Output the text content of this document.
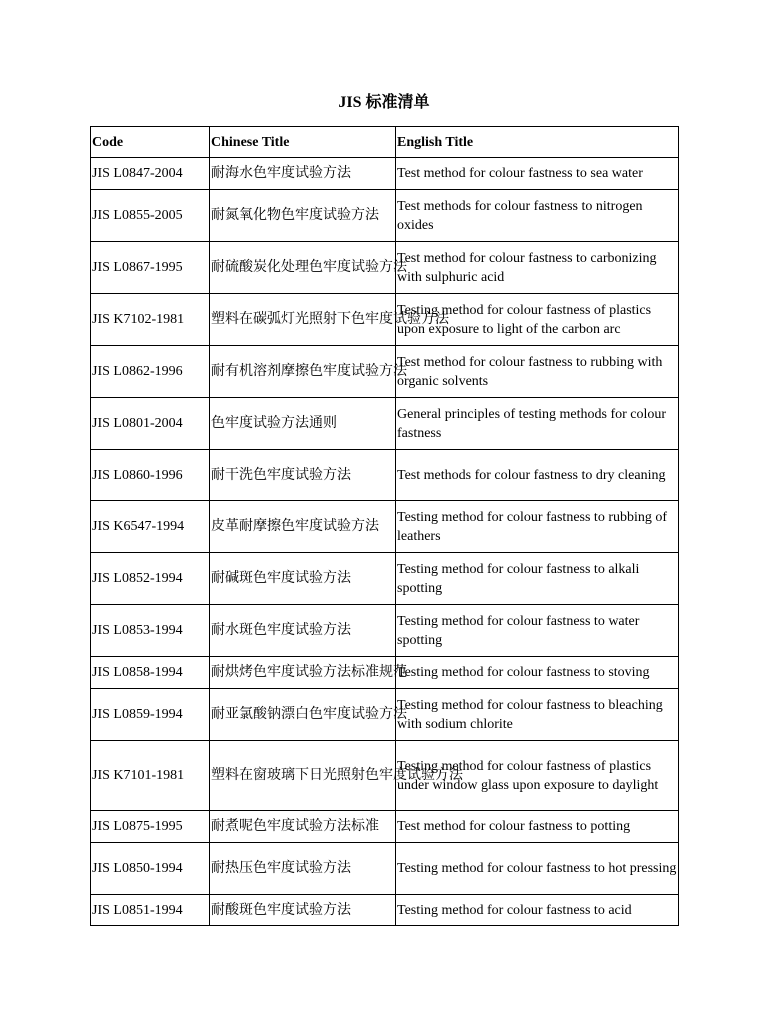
JIS 标准清单
Code	Chinese Title	English Title
JIS L0847-2004	耐海水色牢度试验方法	Test method for colour fastness to sea water
JIS L0855-2005	耐氮氧化物色牢度试验方法	Test methods for colour fastness to nitrogen oxides
JIS L0867-1995	耐硫酸炭化处理色牢度试验方法	Test method for colour fastness to carbonizing with sulphuric acid
JIS K7102-1981	塑料在碳弧灯光照射下色牢度试验方法	Testing method for colour fastness of plastics upon exposure to light of the carbon arc
JIS L0862-1996	耐有机溶剂摩擦色牢度试验方法	Test method for colour fastness to rubbing with organic solvents
JIS L0801-2004	色牢度试验方法通则	General principles of testing methods for colour fastness
JIS L0860-1996	耐干洗色牢度试验方法	Test methods for colour fastness to dry cleaning
JIS K6547-1994	皮革耐摩擦色牢度试验方法	Testing method for colour fastness to rubbing of leathers
JIS L0852-1994	耐碱斑色牢度试验方法	Testing method for colour fastness to alkali spotting
JIS L0853-1994	耐水斑色牢度试验方法	Testing method for colour fastness to water spotting
JIS L0858-1994	耐烘烤色牢度试验方法标准规范	Testing method for colour fastness to stoving
JIS L0859-1994	耐亚氯酸钠漂白色牢度试验方法	Testing method for colour fastness to bleaching with sodium chlorite
JIS K7101-1981	塑料在窗玻璃下日光照射色牢度试验方法	Testing method for colour fastness of plastics under window glass upon exposure to daylight
JIS L0875-1995	耐煮呢色牢度试验方法标准	Test method for colour fastness to potting
JIS L0850-1994	耐热压色牢度试验方法	Testing method for colour fastness to hot pressing
JIS L0851-1994	耐酸斑色牢度试验方法	Testing method for colour fastness to acid
